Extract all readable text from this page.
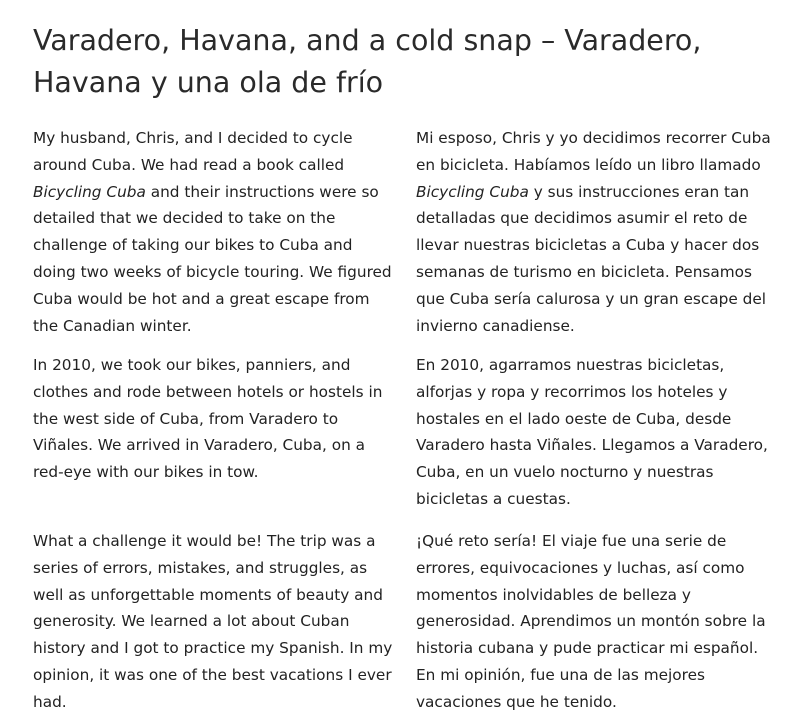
Varadero, Havana, and a cold snap – Varadero, Havana y una ola de frío

My husband, Chris, and I decided to cycle around Cuba. We had read a book called Bicycling Cuba and their instructions were so detailed that we decided to take on the challenge of taking our bikes to Cuba and doing two weeks of bicycle touring. We figured Cuba would be hot and a great escape from the Canadian winter.

In 2010, we took our bikes, panniers, and clothes and rode between hotels or hostels in the west side of Cuba, from Varadero to Viñales. We arrived in Varadero, Cuba, on a red-eye with our bikes in tow.

What a challenge it would be! The trip was a series of errors, mistakes, and struggles, as well as unforgettable moments of beauty and generosity. We learned a lot about Cuban history and I got to practice my Spanish. In my opinion, it was one of the best vacations I ever had.

Mi esposo, Chris y yo decidimos recorrer Cuba en bicicleta. Habíamos leído un libro llamado Bicycling Cuba y sus instrucciones eran tan detalladas que decidimos asumir el reto de llevar nuestras bicicletas a Cuba y hacer dos semanas de turismo en bicicleta. Pensamos que Cuba sería calurosa y un gran escape del invierno canadiense.

En 2010, agarramos nuestras bicicletas, alforjas y ropa y recorrimos los hoteles y hostales en el lado oeste de Cuba, desde Varadero hasta Viñales. Llegamos a Varadero, Cuba, en un vuelo nocturno y nuestras bicicletas a cuestas.

¡Qué reto sería! El viaje fue una serie de errores, equivocaciones y luchas, así como momentos inolvidables de belleza y generosidad. Aprendimos un montón sobre la historia cubana y pude practicar mi español. En mi opinión, fue una de las mejores vacaciones que he tenido.
